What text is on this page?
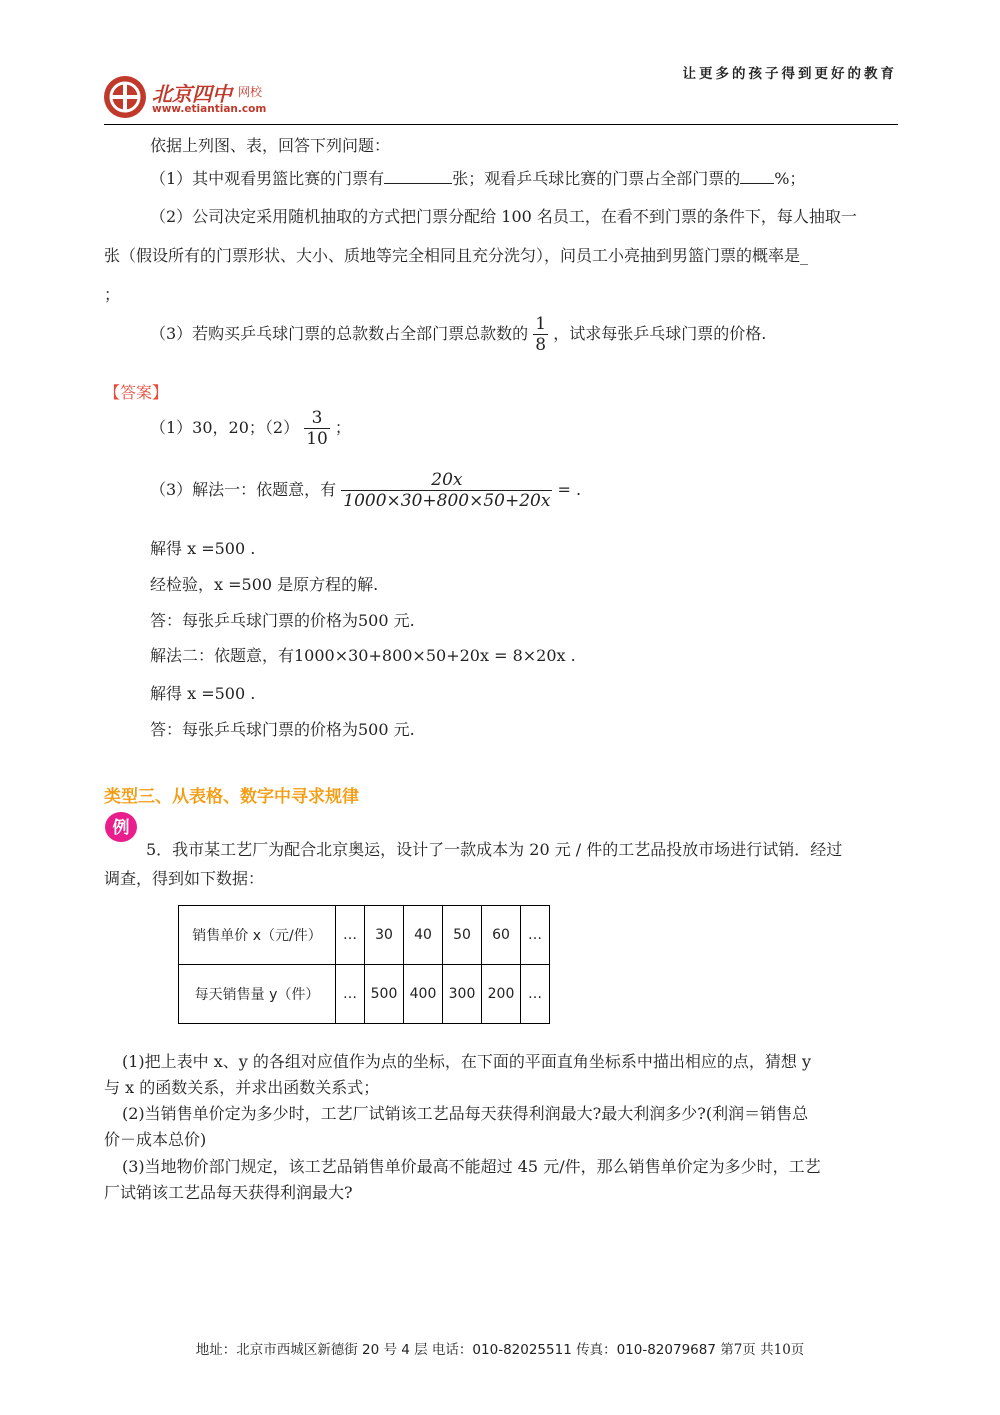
让更多的孩子得到更好的教育
北京四中 网校
www.etiantian.com
依据上列图、表，回答下列问题：
（1）其中观看男篮比赛的门票有	张；观看乒乓球比赛的门票占全部门票的 %；
（2）公司决定采用随机抽取的方式把门票分配给 100 名员工，在看不到门票的条件下，每人抽取一
张（假设所有的门票形状、大小、质地等完全相同且充分洗匀），问员工小亮抽到男篮门票的概率是_
；
（3）若购买乒乓球门票的总款数占全部门票总款数的 $\frac{1}{8}$ ，试求每张乒乓球门票的价格.
【答案】
（1）30，20；$(2) \frac{3}{10}$ ；
（3）解法一：依题意，有 $\frac{20x}{1000\times 30+800\times 50+20x}$ = .
解得 x =500 .
经检验，x =500 是原方程的解.
答：每张乒乓球门票的价格为500 元.
解法二：依题意，有1000×30+800×50+20x = 8×20x .
解得 x =500 .
答：每张乒乓球门票的价格为500 元.
类型三、从表格、数字中寻求规律
例
5．我市某工艺厂为配合北京奥运，设计了一款成本为 20 元 / 件的工艺品投放市场进行试销．经过
调查，得到如下数据：
销售单价 x（元/件）	…	30	40	50	60	…
每天销售量 y（件）	…	500	400	300	200	…
(1)把上表中 x、y 的各组对应值作为点的坐标，在下面的平面直角坐标系中描出相应的点，猜想 y
与 x 的函数关系，并求出函数关系式；
(2)当销售单价定为多少时，工艺厂试销该工艺品每天获得利润最大?最大利润多少?(利润＝销售总
价－成本总价)
(3)当地物价部门规定，该工艺品销售单价最高不能超过 45 元/件，那么销售单价定为多少时，工艺
厂试销该工艺品每天获得利润最大?
地址：北京市西城区新德街 20 号 4 层 电话：010-82025511 传真：010-82079687 第7页 共10页
